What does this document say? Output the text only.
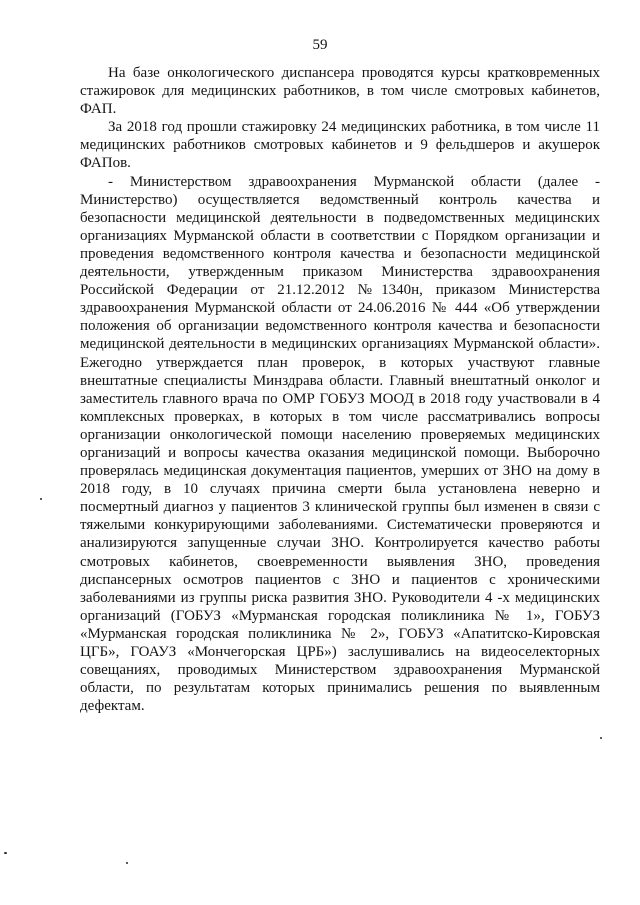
59

На базе онкологического диспансера проводятся курсы кратковременных стажировок для медицинских работников, в том числе смотровых кабинетов, ФАП.

За 2018 год прошли стажировку 24 медицинских работника, в том числе 11 медицинских работников смотровых кабинетов и 9 фельдшеров и акушерок ФАПов.

- Министерством здравоохранения Мурманской области (далее - Министерство) осуществляется ведомственный контроль качества и безопасности медицинской деятельности в подведомственных медицинских организациях Мурманской области в соответствии с Порядком организации и проведения ведомственного контроля качества и безопасности медицинской деятельности, утвержденным приказом Министерства здравоохранения Российской Федерации от 21.12.2012 №1340н, приказом Министерства здравоохранения Мурманской области от 24.06.2016 № 444 «Об утверждении положения об организации ведомственного контроля качества и безопасности медицинской деятельности в медицинских организациях Мурманской области». Ежегодно утверждается план проверок, в которых участвуют главные внештатные специалисты Минздрава области. Главный внештатный онколог и заместитель главного врача по ОМР ГОБУЗ МООД в 2018 году участвовали в 4 комплексных проверках, в которых в том числе рассматривались вопросы организации онкологической помощи населению проверяемых медицинских организаций и вопросы качества оказания медицинской помощи. Выборочно проверялась медицинская документация пациентов, умерших от ЗНО на дому в 2018 году, в 10 случаях причина смерти была установлена неверно и посмертный диагноз у пациентов 3 клинической группы был изменен в связи с тяжелыми конкурирующими заболеваниями. Систематически проверяются и анализируются запущенные случаи ЗНО. Контролируется качество работы смотровых кабинетов, своевременности выявления ЗНО, проведения диспансерных осмотров пациентов с ЗНО и пациентов с хроническими заболеваниями из группы риска развития ЗНО. Руководители 4 -х медицинских организаций (ГОБУЗ «Мурманская городская поликлиника № 1», ГОБУЗ «Мурманская городская поликлиника № 2», ГОБУЗ «Апатитско-Кировская ЦГБ», ГОАУЗ «Мончегорская ЦРБ») заслушивались на видеоселекторных совещаниях, проводимых Министерством здравоохранения Мурманской области, по результатам которых принимались решения по выявленным дефектам.
